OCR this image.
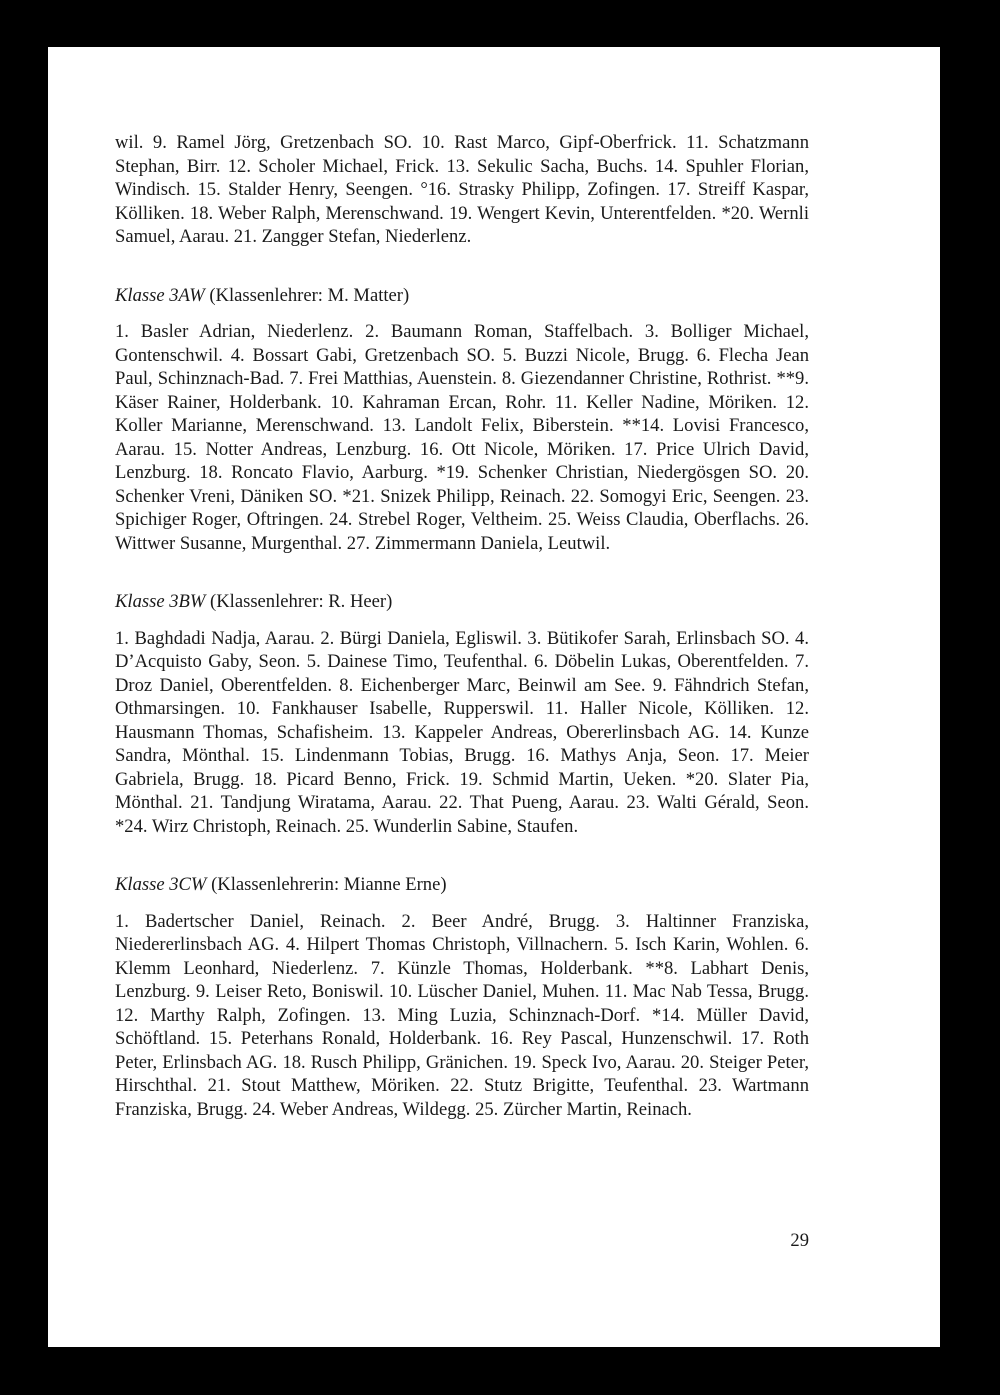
wil. 9. Ramel Jörg, Gretzenbach SO. 10. Rast Marco, Gipf-Oberfrick. 11. Schatzmann Stephan, Birr. 12. Scholer Michael, Frick. 13. Sekulic Sacha, Buchs. 14. Spuhler Florian, Windisch. 15. Stalder Henry, Seengen. °16. Strasky Philipp, Zofingen. 17. Streiff Kaspar, Kölliken. 18. Weber Ralph, Merenschwand. 19. Wengert Kevin, Unterentfelden. *20. Wernli Samuel, Aarau. 21. Zangger Stefan, Niederlenz.

Klasse 3AW (Klassenlehrer: M. Matter)

1. Basler Adrian, Niederlenz. 2. Baumann Roman, Staffelbach. 3. Bolliger Michael, Gontenschwil. 4. Bossart Gabi, Gretzenbach SO. 5. Buzzi Nicole, Brugg. 6. Flecha Jean Paul, Schinznach-Bad. 7. Frei Matthias, Auenstein. 8. Giezendanner Christine, Rothrist. **9. Käser Rainer, Holderbank. 10. Kahraman Ercan, Rohr. 11. Keller Nadine, Möriken. 12. Koller Marianne, Merenschwand. 13. Landolt Felix, Biberstein. **14. Lovisi Francesco, Aarau. 15. Notter Andreas, Lenzburg. 16. Ott Nicole, Möriken. 17. Price Ulrich David, Lenzburg. 18. Roncato Flavio, Aarburg. *19. Schenker Christian, Niedergösgen SO. 20. Schenker Vreni, Däniken SO. *21. Snizek Philipp, Reinach. 22. Somogyi Eric, Seengen. 23. Spichiger Roger, Oftringen. 24. Strebel Roger, Veltheim. 25. Weiss Claudia, Oberflachs. 26. Wittwer Susanne, Murgenthal. 27. Zimmermann Daniela, Leutwil.

Klasse 3BW (Klassenlehrer: R. Heer)

1. Baghdadi Nadja, Aarau. 2. Bürgi Daniela, Egliswil. 3. Bütikofer Sarah, Erlinsbach SO. 4. D’Acquisto Gaby, Seon. 5. Dainese Timo, Teufenthal. 6. Döbelin Lukas, Oberentfelden. 7. Droz Daniel, Oberentfelden. 8. Eichenberger Marc, Beinwil am See. 9. Fähndrich Stefan, Othmarsingen. 10. Fankhauser Isabelle, Rupperswil. 11. Haller Nicole, Kölliken. 12. Hausmann Thomas, Schafisheim. 13. Kappeler Andreas, Obererlinsbach AG. 14. Kunze Sandra, Mönthal. 15. Lindenmann Tobias, Brugg. 16. Mathys Anja, Seon. 17. Meier Gabriela, Brugg. 18. Picard Benno, Frick. 19. Schmid Martin, Ueken. *20. Slater Pia, Mönthal. 21. Tandjung Wiratama, Aarau. 22. That Pueng, Aarau. 23. Walti Gérald, Seon. *24. Wirz Christoph, Reinach. 25. Wunderlin Sabine, Staufen.

Klasse 3CW (Klassenlehrerin: Mianne Erne)

1. Badertscher Daniel, Reinach. 2. Beer André, Brugg. 3. Haltinner Franziska, Niedererlinsbach AG. 4. Hilpert Thomas Christoph, Villnachern. 5. Isch Karin, Wohlen. 6. Klemm Leonhard, Niederlenz. 7. Künzle Thomas, Holderbank. **8. Labhart Denis, Lenzburg. 9. Leiser Reto, Boniswil. 10. Lüscher Daniel, Muhen. 11. Mac Nab Tessa, Brugg. 12. Marthy Ralph, Zofingen. 13. Ming Luzia, Schinznach-Dorf. *14. Müller David, Schöftland. 15. Peterhans Ronald, Holderbank. 16. Rey Pascal, Hunzenschwil. 17. Roth Peter, Erlinsbach AG. 18. Rusch Philipp, Gränichen. 19. Speck Ivo, Aarau. 20. Steiger Peter, Hirschthal. 21. Stout Matthew, Möriken. 22. Stutz Brigitte, Teufenthal. 23. Wartmann Franziska, Brugg. 24. Weber Andreas, Wildegg. 25. Zürcher Martin, Reinach.

29
